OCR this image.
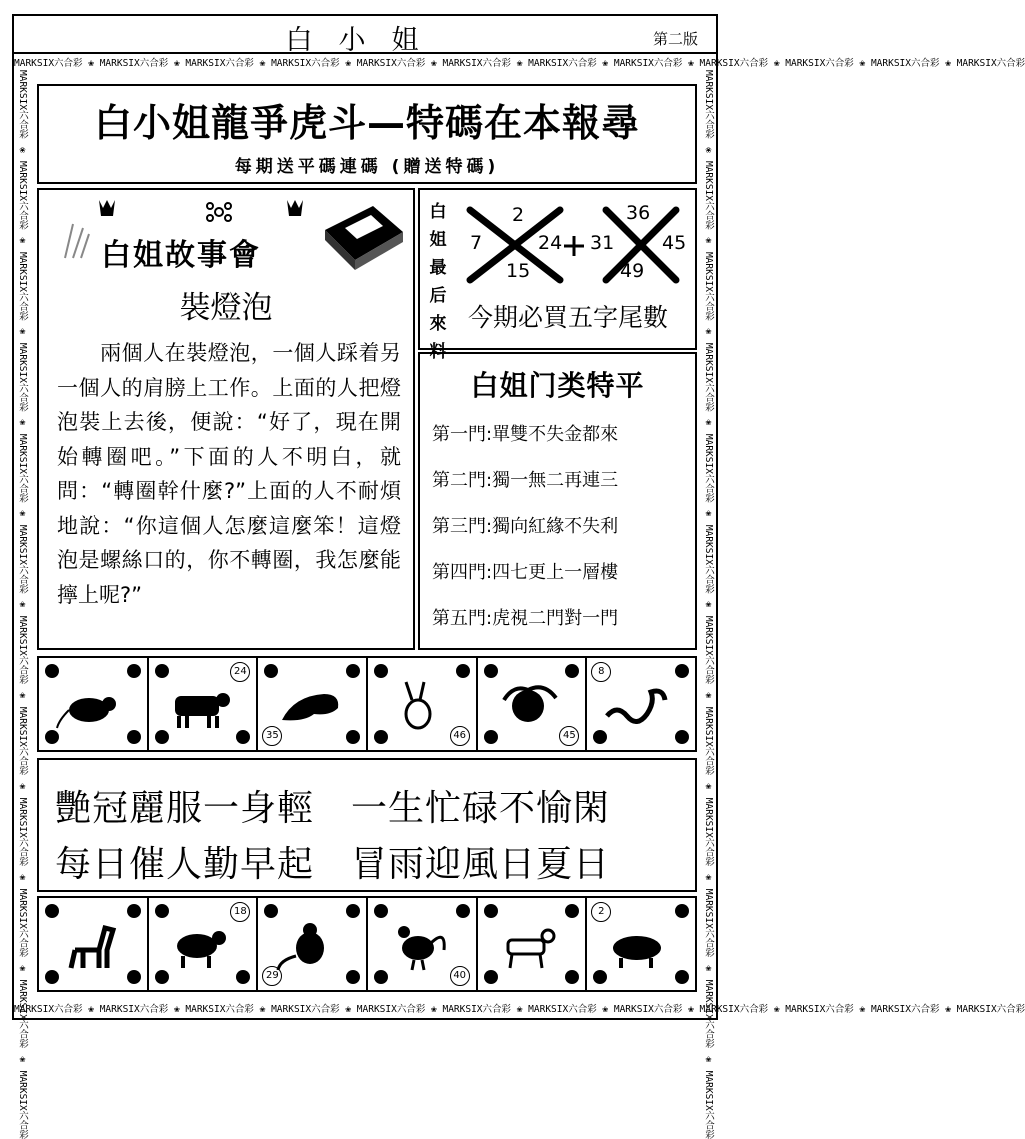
白小姐	第二版
MARKSIX六合彩 ❀ MARKSIX六合彩 ❀ MARKSIX六合彩 ❀ MARKSIX六合彩 ❀ MARKSIX六合彩 ❀ MARKSIX六合彩 ❀ MARKSIX六合彩 ❀ MARKSIX六合彩 ❀ MARKSIX六合彩 ❀ MARKSIX六合彩 ❀ MARKSIX六合彩 ❀ MARKSIX六合彩
MARKSIX六合彩 ❀ MARKSIX六合彩 ❀ MARKSIX六合彩 ❀ MARKSIX六合彩 ❀ MARKSIX六合彩 ❀ MARKSIX六合彩 ❀ MARKSIX六合彩 ❀ MARKSIX六合彩 ❀ MARKSIX六合彩 ❀ MARKSIX六合彩 ❀ MARKSIX六合彩 ❀ MARKSIX六合彩
MARKSIX六合彩 ❀ MARKSIX六合彩 ❀ MARKSIX六合彩 ❀ MARKSIX六合彩 ❀ MARKSIX六合彩 ❀ MARKSIX六合彩 ❀ MARKSIX六合彩 ❀ MARKSIX六合彩 ❀ MARKSIX六合彩 ❀ MARKSIX六合彩 ❀ MARKSIX六合彩 ❀ MARKSIX六合彩	MARKSIX六合彩 ❀ MARKSIX六合彩 ❀ MARKSIX六合彩 ❀ MARKSIX六合彩 ❀ MARKSIX六合彩 ❀ MARKSIX六合彩 ❀ MARKSIX六合彩 ❀ MARKSIX六合彩 ❀ MARKSIX六合彩 ❀ MARKSIX六合彩 ❀ MARKSIX六合彩 ❀ MARKSIX六合彩
白小姐龍爭虎斗—特碼在本報尋
每期送平碼連碼 (贈送特碼)
白姐故事會
裝燈泡
　　兩個人在裝燈泡，一個人踩着另一個人的肩膀上工作。上面的人把燈泡裝上去後，便說：“好了，現在開始轉圈吧。”下面的人不明白，就問：“轉圈幹什麼?”上面的人不耐煩地說：“你這個人怎麼這麼笨！這燈泡是螺絲口的，你不轉圈，我怎麼能擰上呢?”
白姐最后來料
2
7
15
24 31
36
45
49
今期必買五字尾數
白姐门类特平
第一門:單雙不失金都來
第二門:獨一無二再連三
第三門:獨向紅緣不失利
第四門:四七更上一層樓
第五門:虎視二門對一門
24
35	46	45
8
艷冠麗服一身輕　一生忙碌不愉閑
每日催人勤早起　冒雨迎風日夏日
18
29	40
2
